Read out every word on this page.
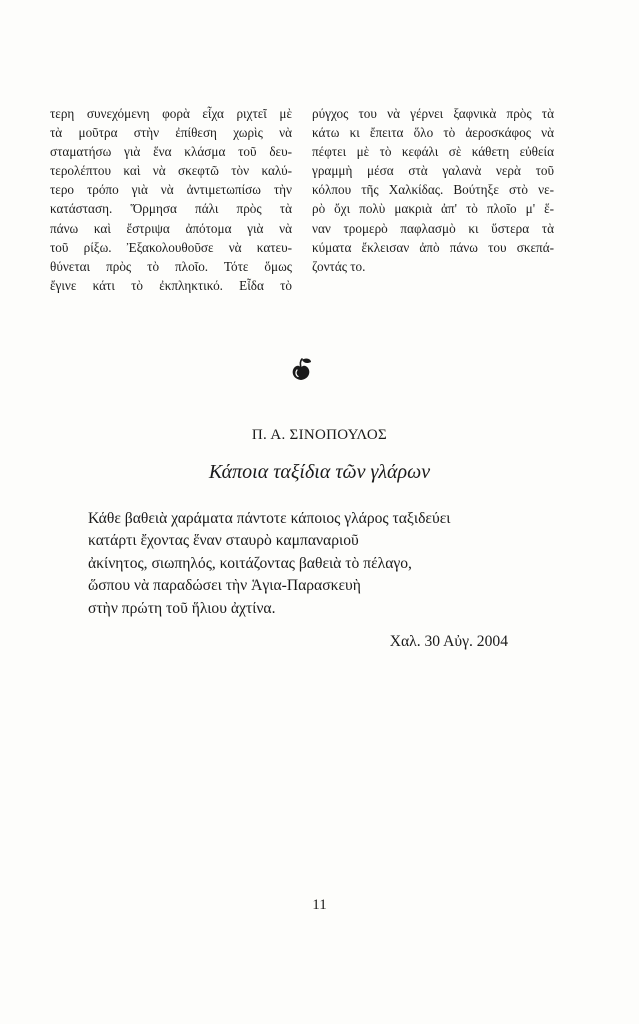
τερη συνεχόμενη φορὰ εἶχα ριχτεῖ μὲ
τὰ μοῦτρα στὴν ἐπίθεση χωρὶς νὰ
σταματήσω γιὰ ἕνα κλάσμα τοῦ δευ-
τερολέπτου καὶ νὰ σκεφτῶ τὸν καλύ-
τερο τρόπο γιὰ νὰ ἀντιμετωπίσω τὴν
κατάσταση. Ὅρμησα πάλι πρὸς τὰ
πάνω καὶ ἔστριψα ἀπότομα γιὰ νὰ
τοῦ ρίξω. Ἐξακολουθοῦσε νὰ κατευ-
θύνεται πρὸς τὸ πλοῖο. Τότε ὅμως
ἔγινε κάτι τὸ ἐκπληκτικό. Εἶδα τὸ
ρύγχος του νὰ γέρνει ξαφνικὰ πρὸς τὰ
κάτω κι ἔπειτα ὅλο τὸ ἀεροσκάφος νὰ
πέφτει μὲ τὸ κεφάλι σὲ κάθετη εὐθεία
γραμμὴ μέσα στὰ γαλανὰ νερὰ τοῦ
κόλπου τῆς Χαλκίδας. Βούτηξε στὸ νε-
ρὸ ὄχι πολὺ μακριὰ ἀπ' τὸ πλοῖο μ' ἕ-
ναν τρομερὸ παφλασμὸ κι ὕστερα τὰ
κύματα ἔκλεισαν ἀπὸ πάνω του σκεπά-
ζοντάς το.
Π. Α. ΣΙΝΟΠΟΥΛΟΣ
Κάποια ταξίδια τῶν γλάρων
Κάθε βαθειὰ χαράματα πάντοτε κάποιος γλάρος ταξιδεύει
κατάρτι ἔχοντας ἕναν σταυρὸ καμπαναριοῦ
ἀκίνητος, σιωπηλός, κοιτάζοντας βαθειὰ τὸ πέλαγο,
ὥσπου νὰ παραδώσει τὴν Ἁγια-Παρασκευὴ
στὴν πρώτη τοῦ ἥλιου ἀχτίνα.
Χαλ. 30 Αὐγ. 2004
11
